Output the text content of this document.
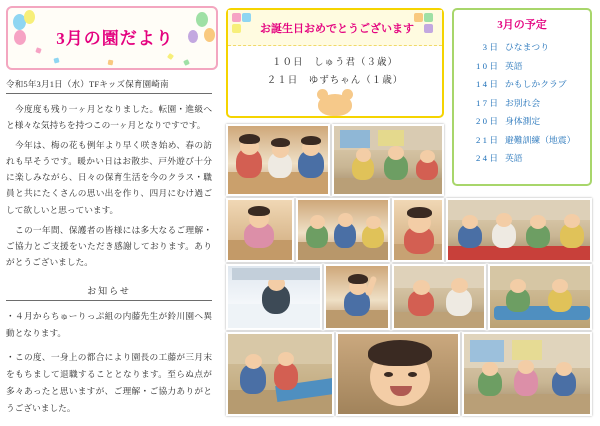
3月の園だより
令和5年3月1日（水）TFキッズ保育園崎南

今度度も残り一ヶ月となりました。転園・進級へと様々な気持ちを持つこの一ヶ月となりですです。

今年は、梅の花も例年より早く咲き始め、春の訪れも早そうです。暖かい日はお散歩、戸外遊び十分に楽しみながら、日々の保育生活を今のクラス・職員と共にたくさんの思い出を作り、四月にむけ過ごして欲しいと思っています。

この一年間、保護者の皆様には多大なるご理解・ご協力とご支援をいただき感謝しております。ありがとうございました。

お知らせ

・４月からちゅーりっぷ組の内藤先生が鈴川園へ異動となります。

・この度、一身上の都合により園長の工藤が三月末をもちまして退職することとなります。至らぬ点が多々あったと思いますが、ご理解・ご協力ありがとうございました。

お誕生日おめでとうございます
１０日　しゅう君（３歳）
２１日　ゆずちゃん（１歳）
3月の予定
3 日 ひなまつり
1 0 日 英語
1 4 日 かもしかクラブ
1 7 日 お別れ会
2 0 日 身体測定
2 1 日 避難訓練（地震）
2 4 日 英語
